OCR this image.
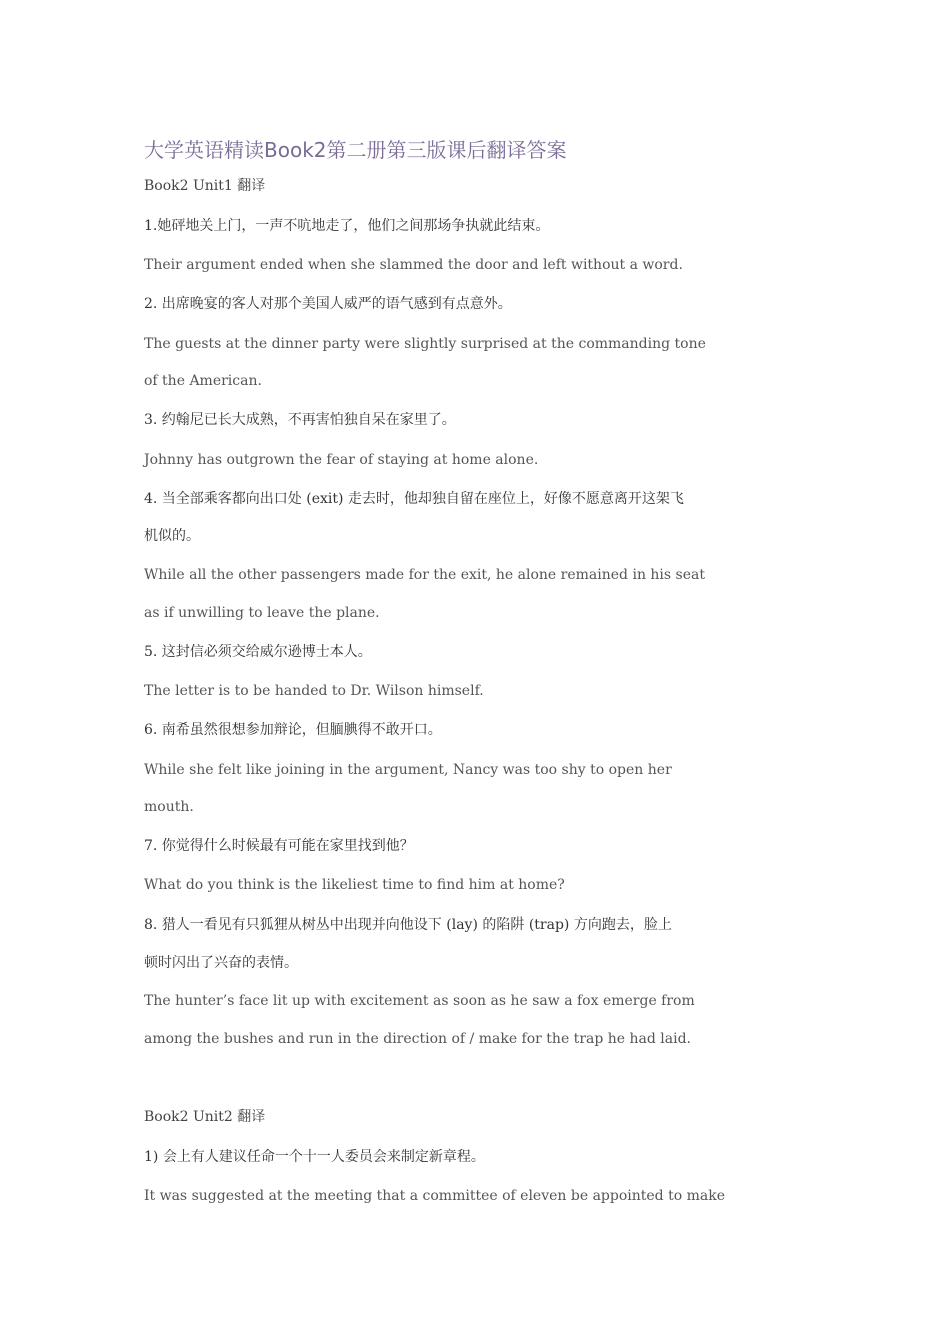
大学英语精读Book2第二册第三版课后翻译答案
Book2 Unit1 翻译
1.她砰地关上门，一声不吭地走了，他们之间那场争执就此结束。
Their argument ended when she slammed the door and left without a word.
2. 出席晚宴的客人对那个美国人威严的语气感到有点意外。
The guests at the dinner party were slightly surprised at the commanding tone
of the American.
3. 约翰尼已长大成熟，不再害怕独自呆在家里了。
Johnny has outgrown the fear of staying at home alone.
4. 当全部乘客都向出口处 (exit) 走去时，他却独自留在座位上，好像不愿意离开这架飞
机似的。
While all the other passengers made for the exit, he alone remained in his seat
as if unwilling to leave the plane.
5. 这封信必须交给威尔逊博士本人。
The letter is to be handed to Dr. Wilson himself.
6. 南希虽然很想参加辩论，但腼腆得不敢开口。
While she felt like joining in the argument, Nancy was too shy to open her
mouth.
7. 你觉得什么时候最有可能在家里找到他？
What do you think is the likeliest time to find him at home?
8. 猎人一看见有只狐狸从树丛中出现并向他设下 (lay) 的陷阱 (trap) 方向跑去，脸上
顿时闪出了兴奋的表情。
The hunter’s face lit up with excitement as soon as he saw a fox emerge from
among the bushes and run in the direction of / make for the trap he had laid.
Book2 Unit2 翻译
1) 会上有人建议任命一个十一人委员会来制定新章程。
It was suggested at the meeting that a committee of eleven be appointed to make
